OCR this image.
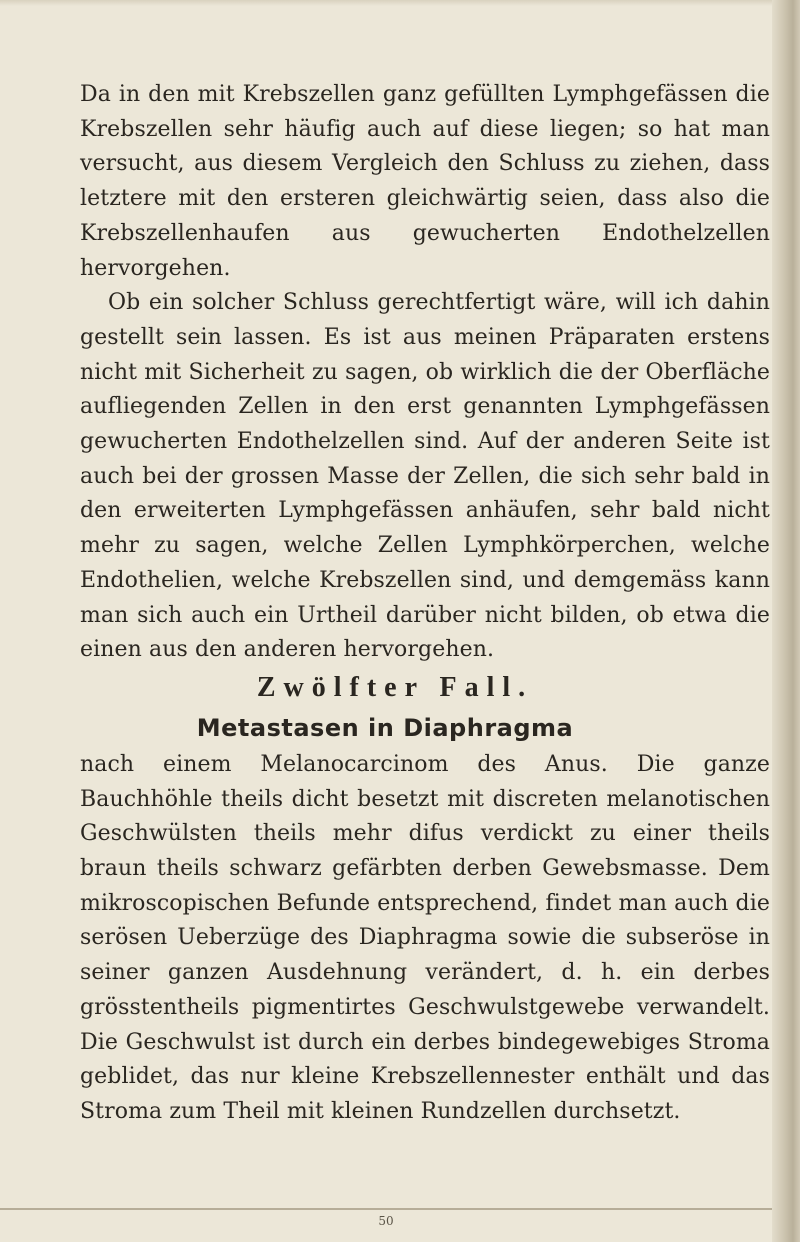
Da in den mit Krebszellen ganz gefüllten Lymphgefässen die Krebszellen sehr häufig auch auf diese liegen; so hat man versucht, aus diesem Vergleich den Schluss zu ziehen, dass letztere mit den ersteren gleichwärtig seien, dass also die Krebszellenhaufen aus gewucherten Endothelzellen hervorgehen.

Ob ein solcher Schluss gerechtfertigt wäre, will ich dahin gestellt sein lassen. Es ist aus meinen Präparaten erstens nicht mit Sicherheit zu sagen, ob wirklich die der Oberfläche aufliegenden Zellen in den erst genannten Lymphgefässen gewucherten Endothelzellen sind. Auf der anderen Seite ist auch bei der grossen Masse der Zellen, die sich sehr bald in den erweiterten Lymphgefässen anhäufen, sehr bald nicht mehr zu sagen, welche Zellen Lymphkörperchen, welche Endothelien, welche Krebszellen sind, und demgemäss kann man sich auch ein Urtheil darüber nicht bilden, ob etwa die einen aus den anderen hervorgehen.

Zwölfter Fall.
Metastasen in Diaphragma

nach einem Melanocarcinom des Anus. Die ganze Bauchhöhle theils dicht besetzt mit discreten melanotischen Geschwülsten theils mehr difus verdickt zu einer theils braun theils schwarz gefärbten derben Gewebsmasse. Dem mikroscopischen Befunde entsprechend, findet man auch die serösen Ueberzüge des Diaphragma sowie die subseröse in seiner ganzen Ausdehnung verändert, d. h. ein derbes grösstentheils pigmentirtes Geschwulstgewebe verwandelt. Die Geschwulst ist durch ein derbes bindegewebiges Stroma geblidet, das nur kleine Krebszellennester enthält und das Stroma zum Theil mit kleinen Rundzellen durchsetzt.

50
